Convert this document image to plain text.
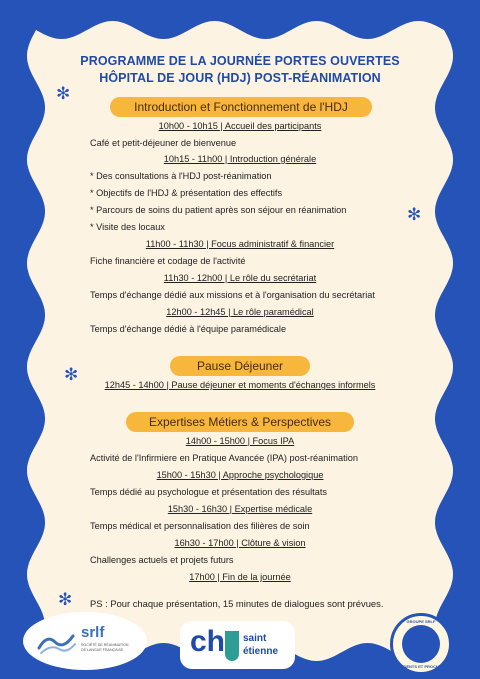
PROGRAMME DE LA JOURNÉE PORTES OUVERTES
HÔPITAL DE JOUR (HDJ) POST-RÉANIMATION
✻
✻
✻
✻
Introduction et Fonctionnement de l'HDJ
10h00 - 10h15 | Accueil des participants
Café et petit-déjeuner de bienvenue
10h15 - 11h00 | Introduction générale
* Des consultations à l'HDJ post-réanimation
* Objectifs de l'HDJ & présentation des effectifs
* Parcours de soins du patient après son séjour en réanimation
* Visite des locaux
11h00 - 11h30 | Focus administratif & financier
Fiche financière et codage de l'activité
11h30 - 12h00 | Le rôle du secrétariat
Temps d'échange dédié aux missions et à l'organisation du secrétariat
12h00 - 12h45 | Le rôle paramédical
Temps d'échange dédié à l'équipe paramédicale
Pause Déjeuner
12h45 - 14h00 | Pause déjeuner et moments d'échanges informels
Expertises Métiers & Perspectives
14h00 - 15h00 | Focus IPA
Activité de l'Infirmiere en Pratique Avancée (IPA) post-réanimation
15h00 - 15h30 | Approche psychologique
Temps dédié au psychologue et présentation des résultats
15h30 - 16h30 | Expertise médicale
Temps médical et personnalisation des filières de soin
16h30 - 17h00 | Clôture & vision
Challenges actuels et projets futurs
17h00 | Fin de la journée
PS : Pour chaque présentation, 15 minutes de dialogues sont prévues.
srlf
SOCIÉTÉ DE RÉANIMATION DE LANGUE FRANÇAISE ch saint
étienne
GROUPE SRLF
PATIENTS ET PROCHES
